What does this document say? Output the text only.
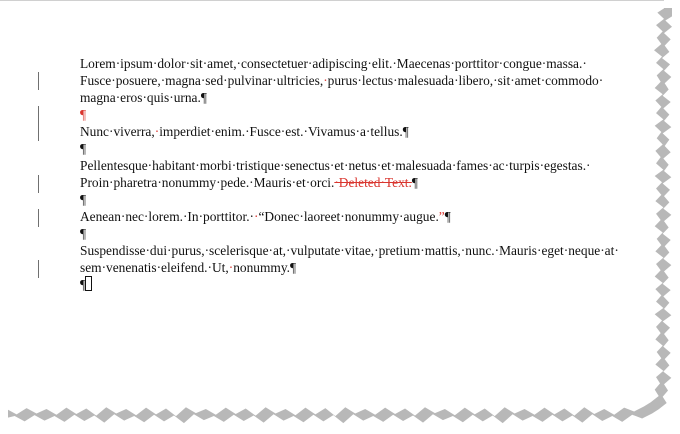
Lorem·ipsum·dolor·sit·amet,·consectetuer·adipiscing·elit.·Maecenas·porttitor·congue·massa.·

Fusce·posuere,·magna·sed·pulvinar·ultricies,·purus·lectus·malesuada·libero,·sit·amet·commodo·

magna·eros·quis·urna.¶

¶

Nunc·viverra,·imperdiet·enim.·Fusce·est.·Vivamus·a·tellus.¶

¶

Pellentesque·habitant·morbi·tristique·senectus·et·netus·et·malesuada·fames·ac·turpis·egestas.·

Proin·pharetra·nonummy·pede.·Mauris·et·orci.·Deleted·Text.¶

¶

Aenean·nec·lorem.·In·porttitor.··“Donec·laoreet·nonummy·augue.”¶

¶

Suspendisse·dui·purus,·scelerisque·at,·vulputate·vitae,·pretium·mattis,·nunc.·Mauris·eget·neque·at·

sem·venenatis·eleifend.·Ut,·nonummy.¶

¶
